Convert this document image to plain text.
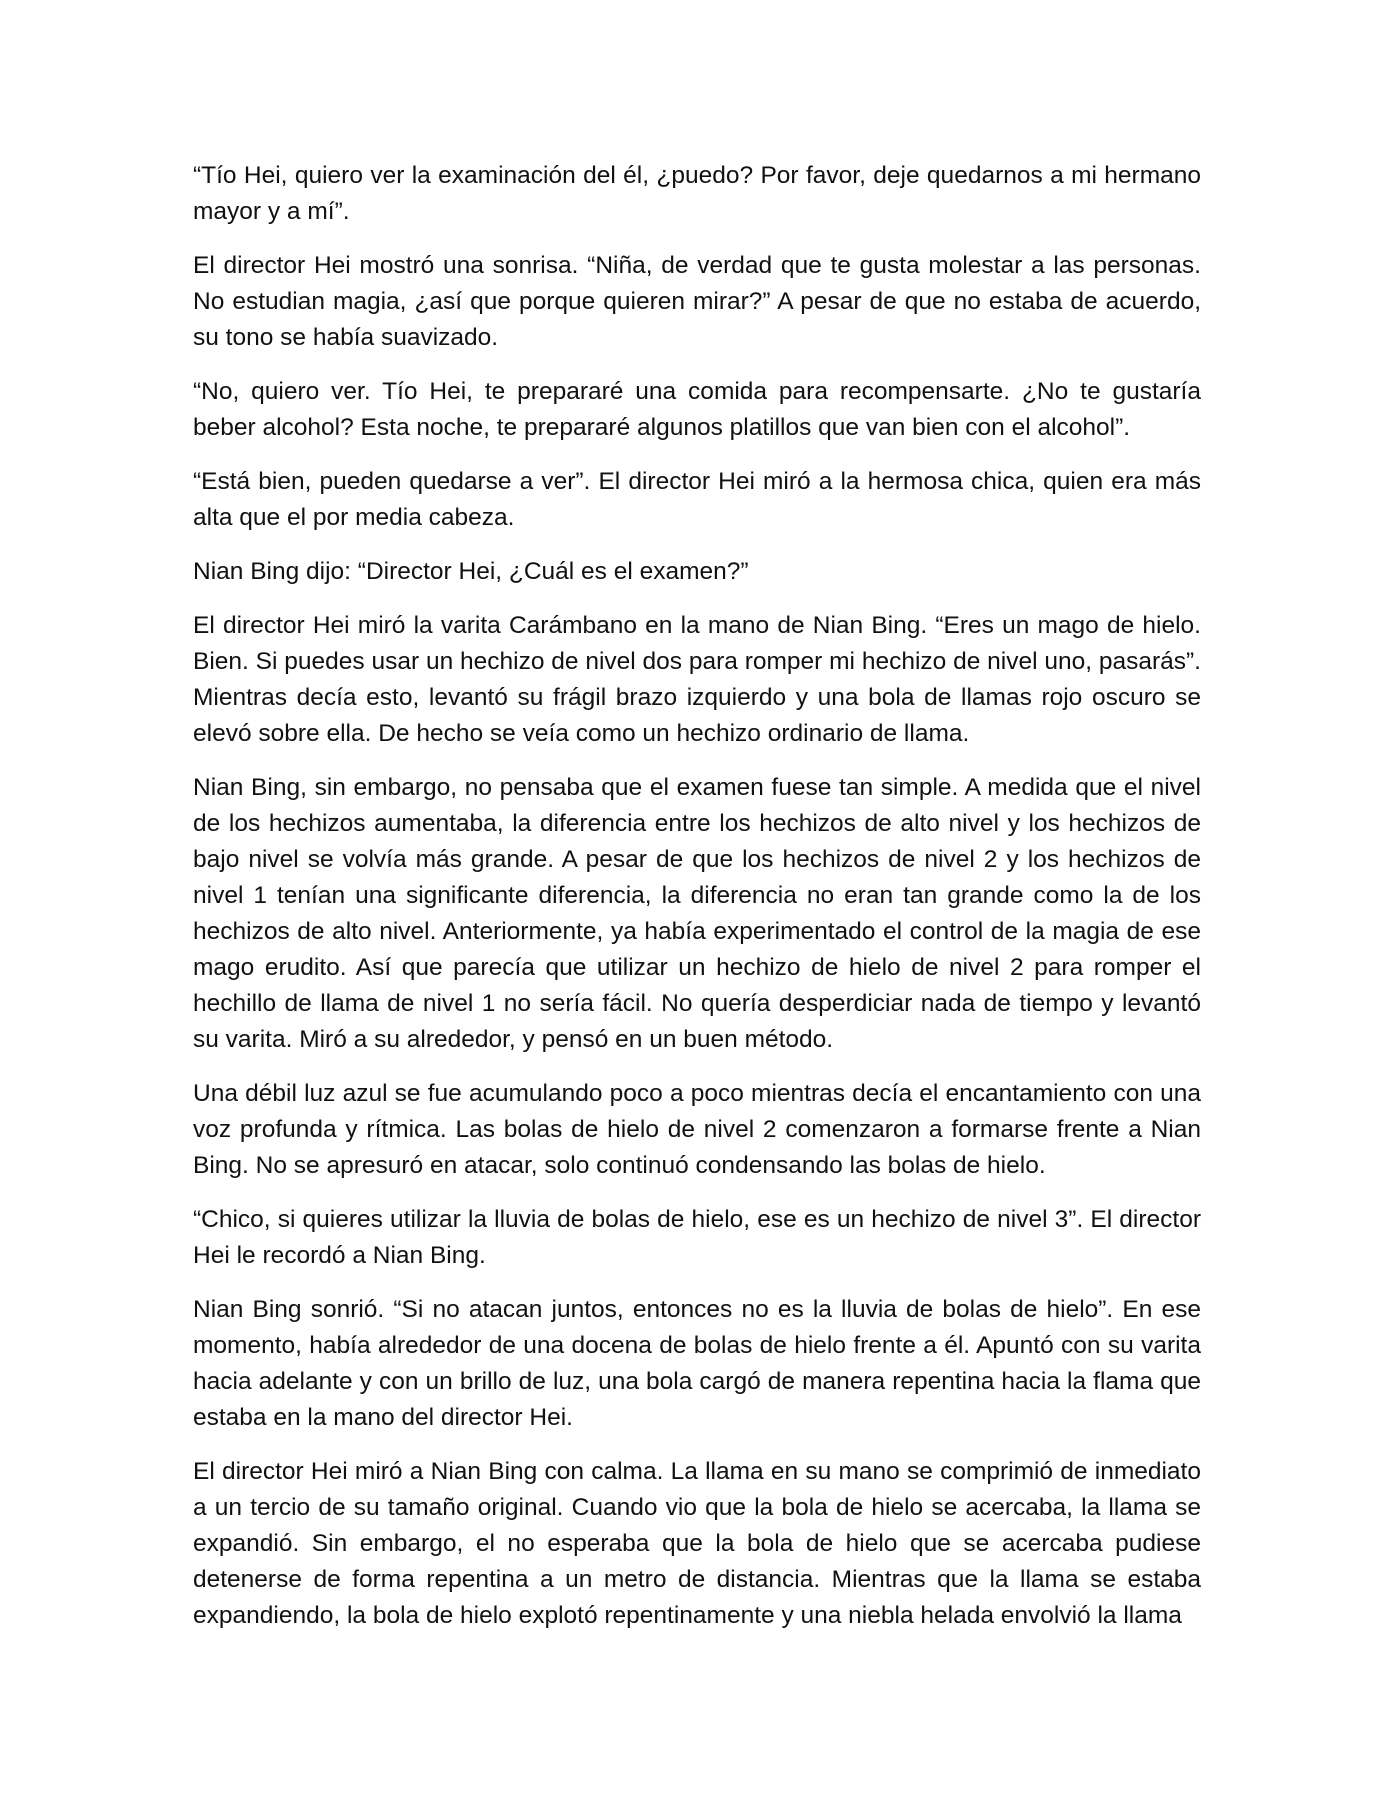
“Tío Hei, quiero ver la examinación del él, ¿puedo? Por favor, deje quedarnos a mi hermano mayor y a mí”.

El director Hei mostró una sonrisa. “Niña, de verdad que te gusta molestar a las personas. No estudian magia, ¿así que porque quieren mirar?” A pesar de que no estaba de acuerdo, su tono se había suavizado.

“No, quiero ver. Tío Hei, te prepararé una comida para recompensarte. ¿No te gustaría beber alcohol? Esta noche, te prepararé algunos platillos que van bien con el alcohol”.

“Está bien, pueden quedarse a ver”. El director Hei miró a la hermosa chica, quien era más alta que el por media cabeza.

Nian Bing dijo: “Director Hei, ¿Cuál es el examen?”

El director Hei miró la varita Carámbano en la mano de Nian Bing. “Eres un mago de hielo. Bien. Si puedes usar un hechizo de nivel dos para romper mi hechizo de nivel uno, pasarás”. Mientras decía esto, levantó su frágil brazo izquierdo y una bola de llamas rojo oscuro se elevó sobre ella. De hecho se veía como un hechizo ordinario de llama.

Nian Bing, sin embargo, no pensaba que el examen fuese tan simple. A medida que el nivel de los hechizos aumentaba, la diferencia entre los hechizos de alto nivel y los hechizos de bajo nivel se volvía más grande. A pesar de que los hechizos de nivel 2 y los hechizos de nivel 1 tenían una significante diferencia, la diferencia no eran tan grande como la de los hechizos de alto nivel. Anteriormente, ya había experimentado el control de la magia de ese mago erudito. Así que parecía que utilizar un hechizo de hielo de nivel 2 para romper el hechillo de llama de nivel 1 no sería fácil. No quería desperdiciar nada de tiempo y levantó su varita. Miró a su alrededor, y pensó en un buen método.

Una débil luz azul se fue acumulando poco a poco mientras decía el encantamiento con una voz profunda y rítmica. Las bolas de hielo de nivel 2 comenzaron a formarse frente a Nian Bing. No se apresuró en atacar, solo continuó condensando las bolas de hielo.

“Chico, si quieres utilizar la lluvia de bolas de hielo, ese es un hechizo de nivel 3”. El director Hei le recordó a Nian Bing.

Nian Bing sonrió. “Si no atacan juntos, entonces no es la lluvia de bolas de hielo”. En ese momento, había alrededor de una docena de bolas de hielo frente a él. Apuntó con su varita hacia adelante y con un brillo de luz, una bola cargó de manera repentina hacia la flama que estaba en la mano del director Hei.

El director Hei miró a Nian Bing con calma. La llama en su mano se comprimió de inmediato a un tercio de su tamaño original. Cuando vio que la bola de hielo se acercaba, la llama se expandió. Sin embargo, el no esperaba que la bola de hielo que se acercaba pudiese detenerse de forma repentina a un metro de distancia. Mientras que la llama se estaba expandiendo, la bola de hielo explotó repentinamente y una niebla helada envolvió la llama
